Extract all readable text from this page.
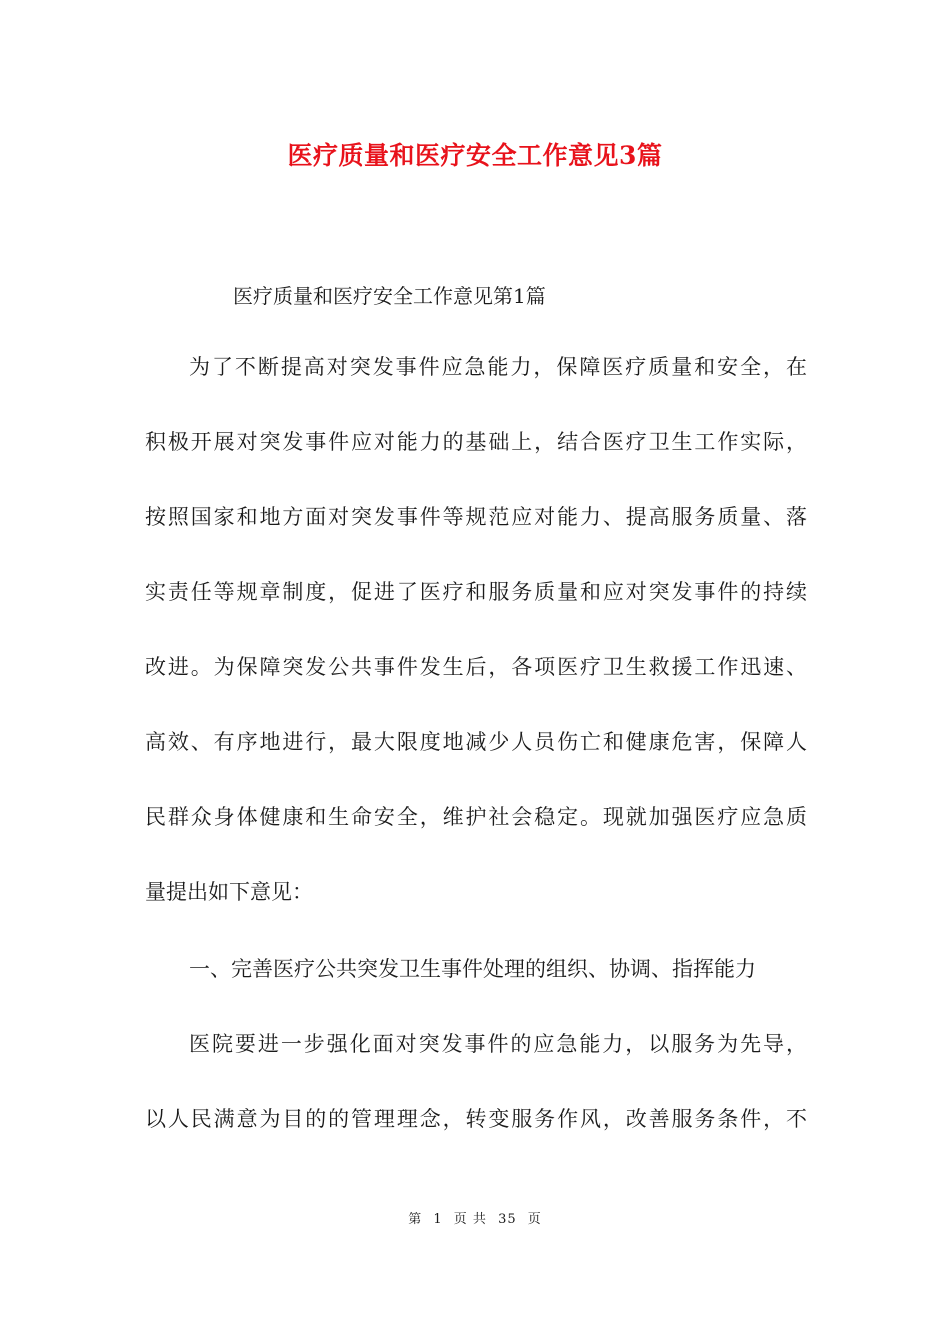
医疗质量和医疗安全工作意见3篇

医疗质量和医疗安全工作意见第1篇

为了不断提高对突发事件应急能力，保障医疗质量和安全，在
积极开展对突发事件应对能力的基础上，结合医疗卫生工作实际，
按照国家和地方面对突发事件等规范应对能力、提高服务质量、落
实责任等规章制度，促进了医疗和服务质量和应对突发事件的持续
改进。为保障突发公共事件发生后，各项医疗卫生救援工作迅速、
高效、有序地进行，最大限度地减少人员伤亡和健康危害，保障人
民群众身体健康和生命安全，维护社会稳定。现就加强医疗应急质
量提出如下意见：

一、完善医疗公共突发卫生事件处理的组织、协调、指挥能力

医院要进一步强化面对突发事件的应急能力，以服务为先导，
以人民满意为目的的管理理念，转变服务作风，改善服务条件，不
第 1 页 共 35 页
